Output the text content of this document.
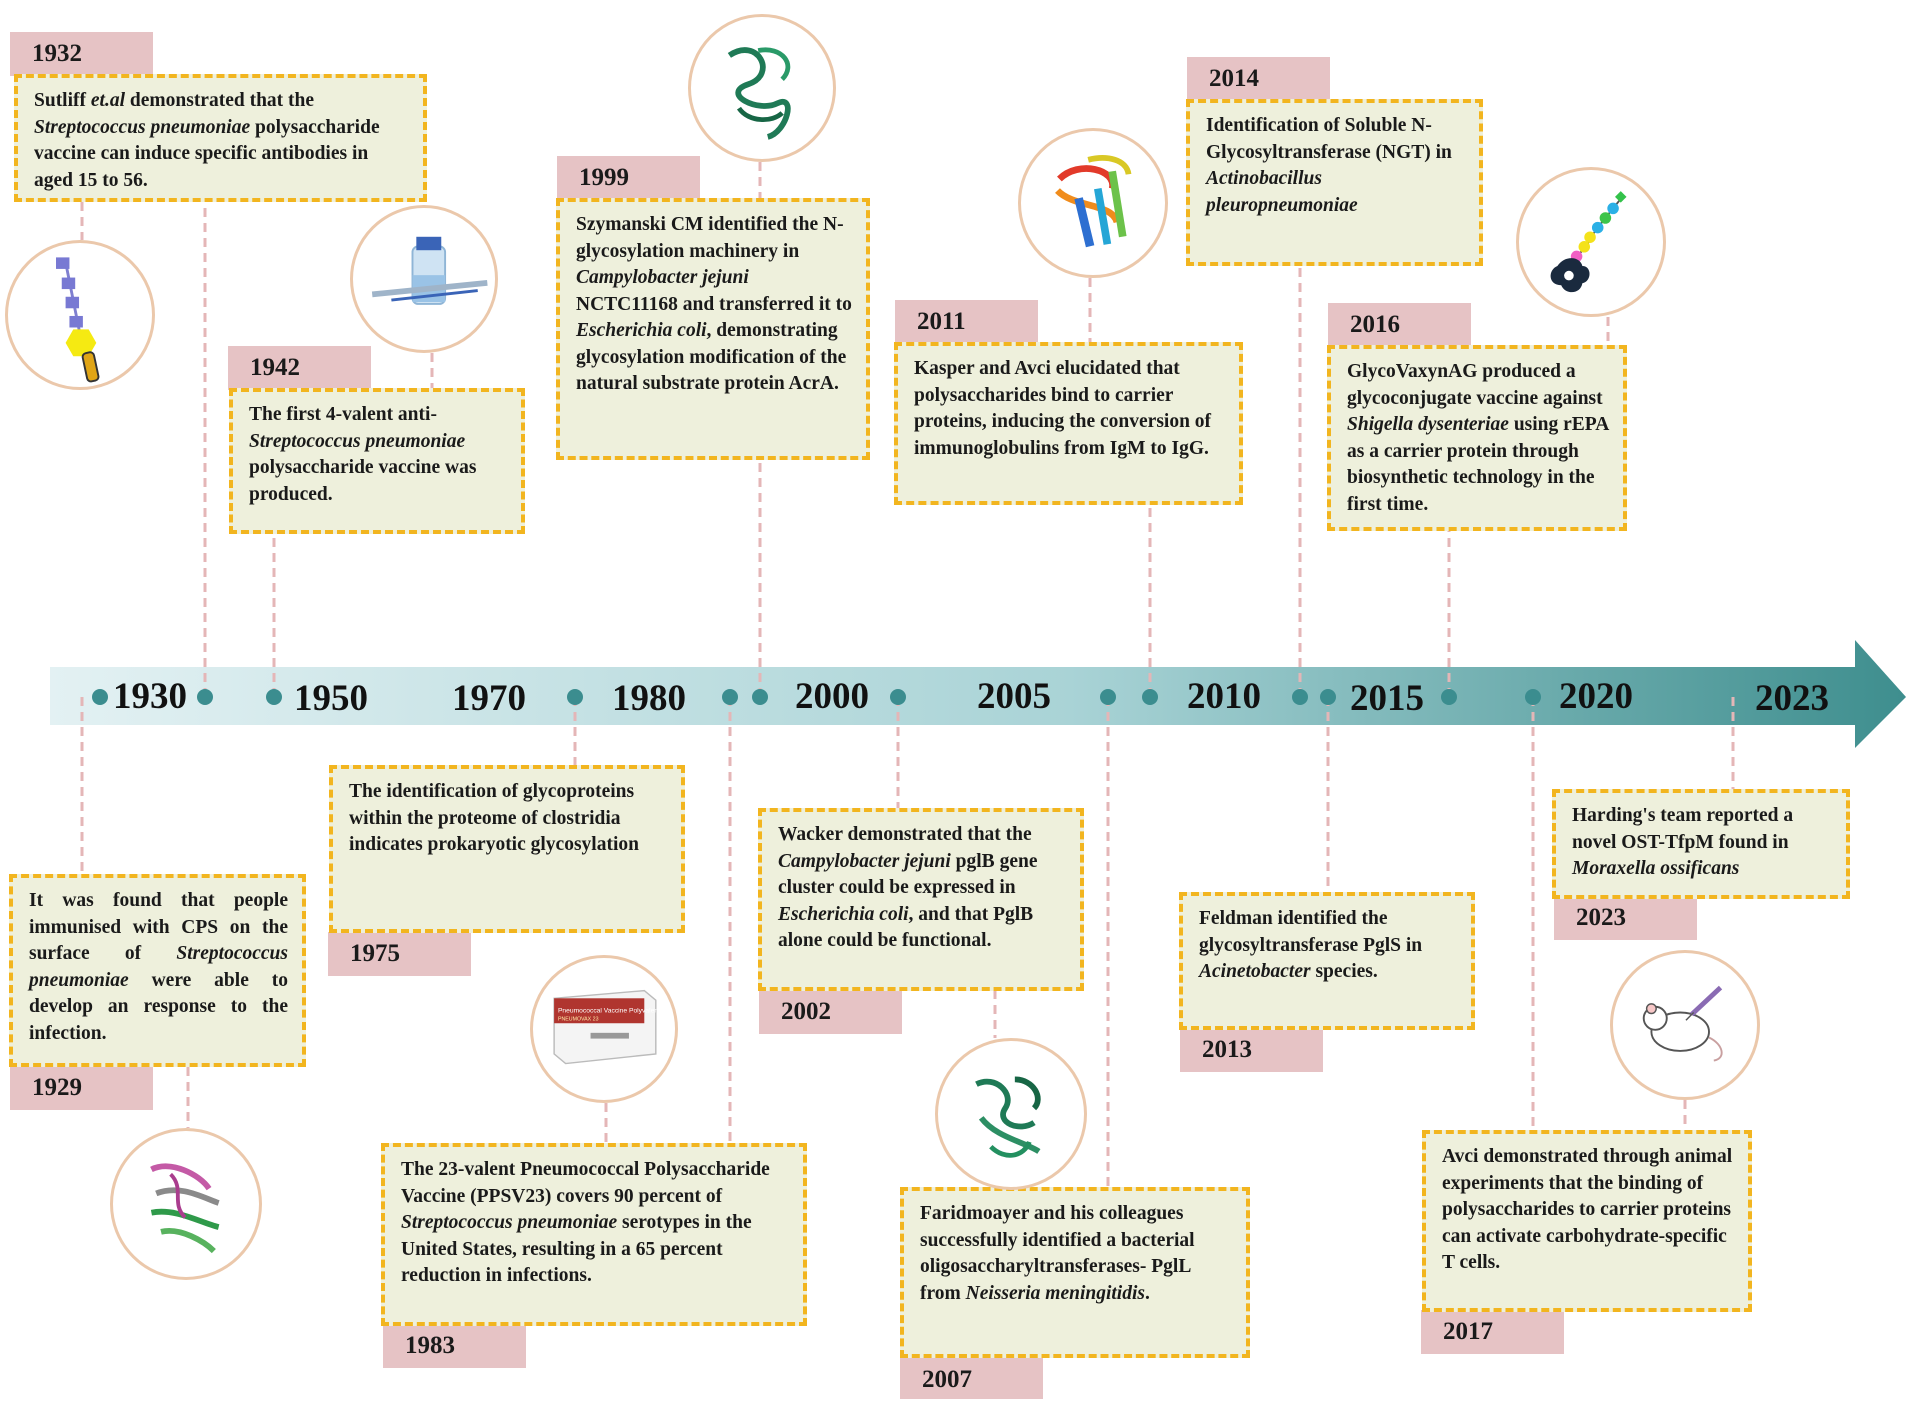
1930	1950 1970 1980	2000	2005	2010 2015	2020	2023
1932
1942
1999
2011
2014
2016
1929
1975
1983
2002
2007
2013
2017
2023
Sutliff et.al demonstrated that the Streptococcus pneumoniae polysaccharide vaccine can induce specific antibodies in aged 15 to 56.
The first 4-valent anti-Streptococcus pneumoniae polysaccharide vaccine was produced.
Szymanski CM identified the N-glycosylation machinery in Campylobacter jejuni NCTC11168 and transferred it to Escherichia coli, demonstrating glycosylation modification of the natural substrate protein AcrA.
Kasper and Avci elucidated that polysaccharides bind to carrier proteins, inducing the conversion of immunoglobulins from IgM to IgG.
Identification of Soluble N-Glycosyltransferase (NGT) in Actinobacillus pleuropneumoniae
GlycoVaxynAG produced a glycoconjugate vaccine against Shigella dysenteriae using rEPA as a carrier protein through biosynthetic technology in the first time.
It was found that people immunised with CPS on the surface of Streptococcus pneumoniae were able to develop an response to the infection.
The identification of glycoproteins within the proteome of clostridia indicates prokaryotic glycosylation
The 23-valent Pneumococcal Polysaccharide Vaccine (PPSV23) covers 90 percent of Streptococcus pneumoniae serotypes in the United States, resulting in a 65 percent reduction in infections.
Wacker demonstrated that the Campylobacter jejuni pglB gene cluster could be expressed in Escherichia coli, and that PglB alone could be functional.
Faridmoayer and his colleagues successfully identified a bacterial oligosaccharyltransferases- PglL from Neisseria meningitidis.
Feldman identified the glycosyltransferase PglS in Acinetobacter species.
Avci demonstrated through animal experiments that the binding of polysaccharides to carrier proteins can activate carbohydrate-specific T cells.
Harding's team reported a novel OST-TfpM found in Moraxella ossificans
Pneumococcal Vaccine Polyvalent
PNEUMOVAX 23
